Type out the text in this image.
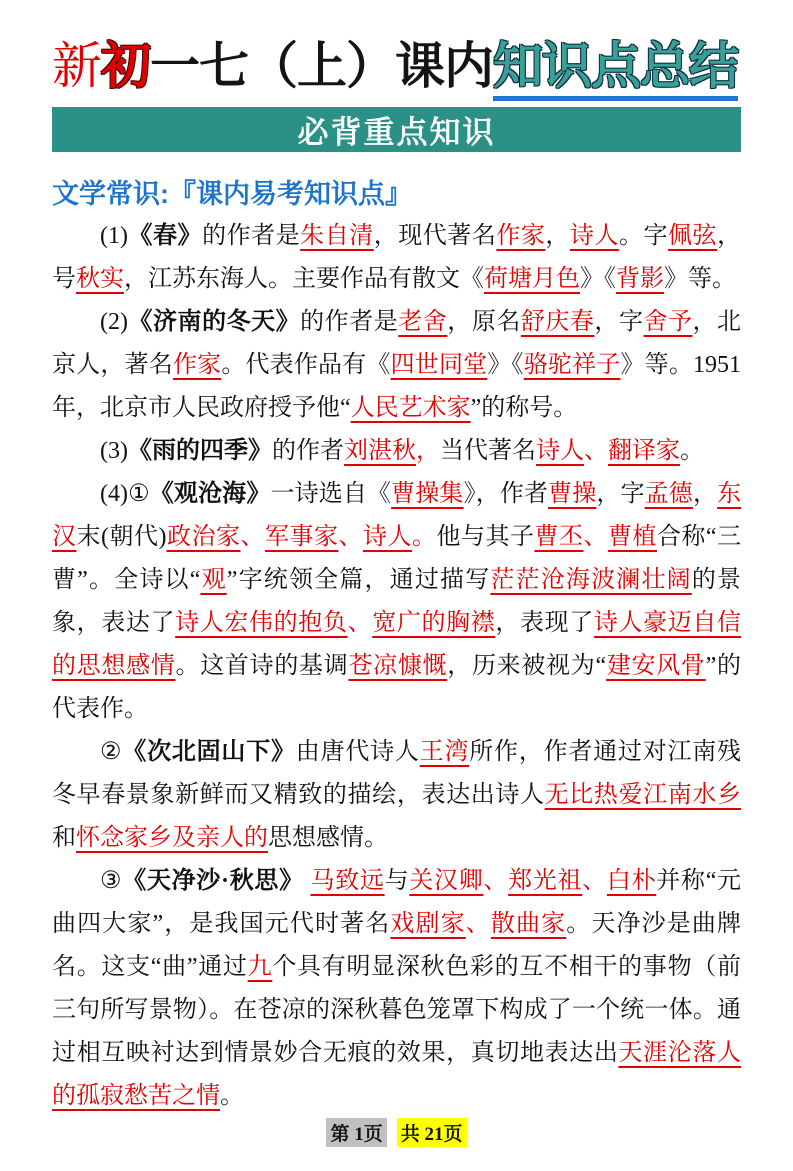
新初一七（上）课内知识点总结
必背重点知识
文学常识:『课内易考知识点』

(1)《春》的作者是朱自清，现代著名作家，诗人。字佩弦，号秋实，江苏东海人。主要作品有散文《荷塘月色》《背影》等。

(2)《济南的冬天》的作者是老舍，原名舒庆春，字舍予，北京人，著名作家。代表作品有《四世同堂》《骆驼祥子》等。1951 年，北京市人民政府授予他“人民艺术家”的称号。

(3)《雨的四季》的作者刘湛秋，当代著名诗人、翻译家。

(4)①《观沧海》一诗选自《曹操集》，作者曹操，字孟德，东汉末(朝代)政治家、军事家、诗人。他与其子曹丕、曹植合称“三曹”。全诗以“观”字统领全篇，通过描写茫茫沧海波澜壮阔的景象，表达了诗人宏伟的抱负、宽广的胸襟，表现了诗人豪迈自信的思想感情。这首诗的基调苍凉慷慨，历来被视为“建安风骨”的代表作。

②《次北固山下》由唐代诗人王湾所作，作者通过对江南残冬早春景象新鲜而又精致的描绘，表达出诗人无比热爱江南水乡和怀念家乡及亲人的思想感情。

③《天净沙·秋思》 马致远与关汉卿、郑光祖、白朴并称“元曲四大家”，是我国元代时著名戏剧家、散曲家。天净沙是曲牌名。这支“曲”通过九个具有明显深秋色彩的互不相干的事物（前三句所写景物）。在苍凉的深秋暮色笼罩下构成了一个统一体。通过相互映衬达到情景妙合无痕的效果，真切地表达出天涯沦落人的孤寂愁苦之情。

第 1页 共 21页
